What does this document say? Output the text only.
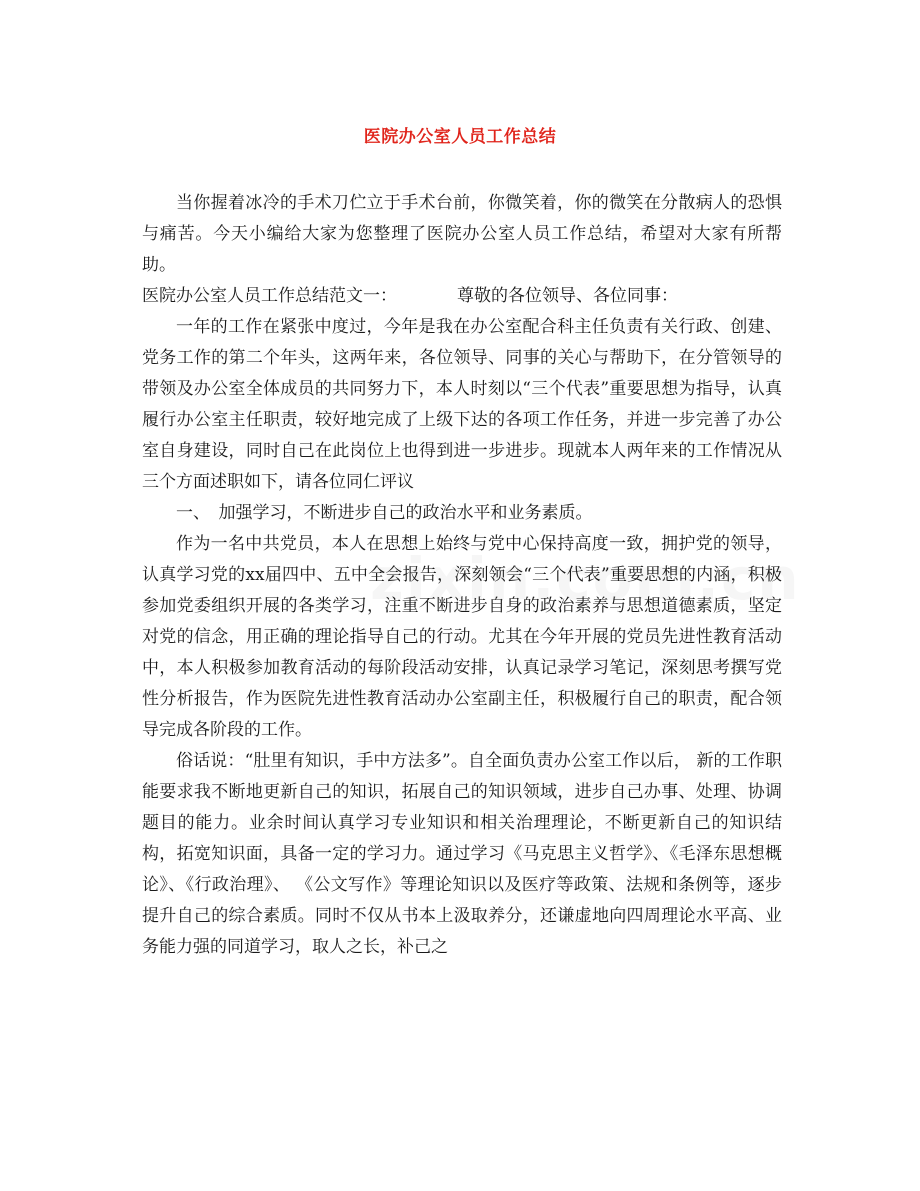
医院办公室人员工作总结

当你握着冰冷的手术刀伫立于手术台前，你微笑着，你的微笑在分散病人的恐惧与痛苦。今天小编给大家为您整理了医院办公室人员工作总结，希望对大家有所帮助。

医院办公室人员工作总结范文一：	尊敬的各位领导、各位同事：

一年的工作在紧张中度过，今年是我在办公室配合科主任负责有关行政、创建、党务工作的第二个年头，这两年来，各位领导、同事的关心与帮助下，在分管领导的带领及办公室全体成员的共同努力下，本人时刻以“三个代表”重要思想为指导，认真履行办公室主任职责，较好地完成了上级下达的各项工作任务，并进一步完善了办公室自身建设，同时自己在此岗位上也得到进一步进步。现就本人两年来的工作情况从三个方面述职如下，请各位同仁评议

一、　加强学习，不断进步自己的政治水平和业务素质。

作为一名中共党员，本人在思想上始终与党中心保持高度一致，拥护党的领导，认真学习党的xx届四中、五中全会报告，深刻领会“三个代表”重要思想的内涵，积极参加党委组织开展的各类学习，注重不断进步自身的政治素养与思想道德素质，坚定对党的信念，用正确的理论指导自己的行动。尤其在今年开展的党员先进性教育活动中，本人积极参加教育活动的每阶段活动安排，认真记录学习笔记，深刻思考撰写党性分析报告，作为医院先进性教育活动办公室副主任，积极履行自己的职责，配合领导完成各阶段的工作。

俗话说：“肚里有知识，手中方法多”。自全面负责办公室工作以后， 新的工作职能要求我不断地更新自己的知识，拓展自己的知识领域，进步自己办事、处理、协调题目的能力。业余时间认真学习专业知识和相关治理理论，不断更新自己的知识结构，拓宽知识面，具备一定的学习力。通过学习《马克思主义哲学》、《毛泽东思想概论》、《行政治理》、 《公文写作》等理论知识以及医疗等政策、法规和条例等，逐步提升自己的综合素质。同时不仅从书本上汲取养分，还谦虚地向四周理论水平高、业务能力强的同道学习，取人之长，补己之
